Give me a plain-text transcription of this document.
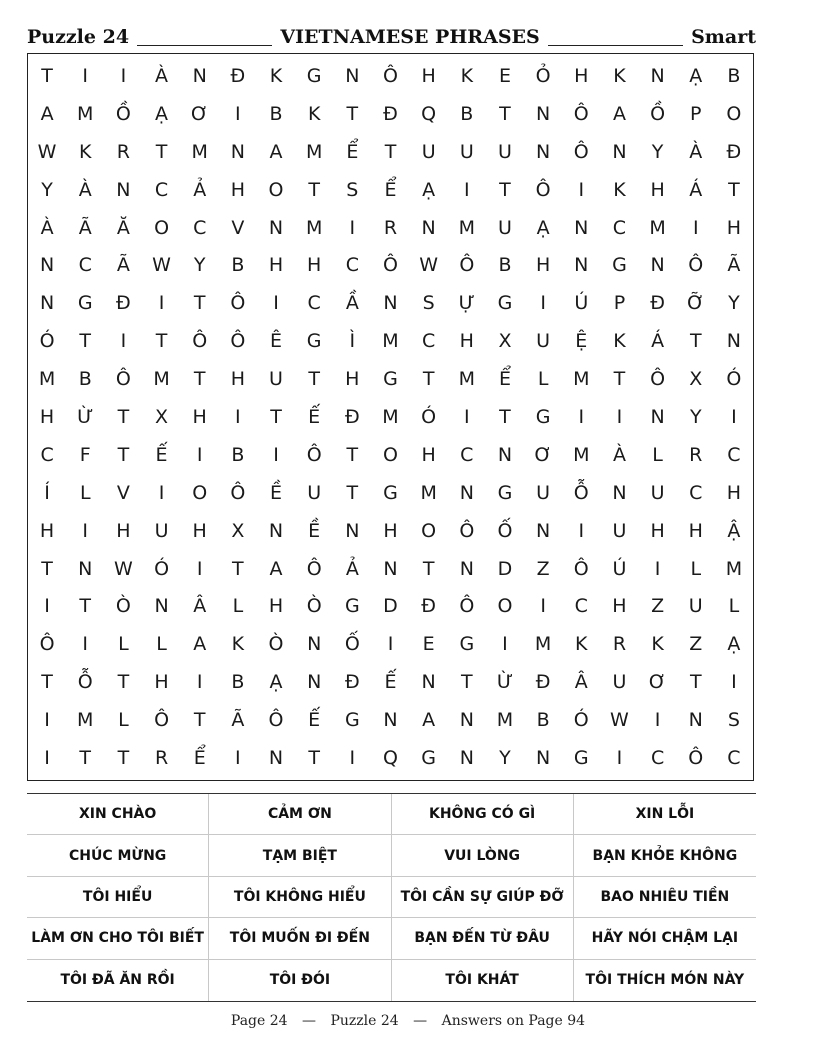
Puzzle 24	VIETNAMESE PHRASES	Smart
T	I	I	À	N	Đ	K	G	N	Ô	H	K	E	Ỏ	H	K	N	Ạ	B
A	M	Ồ	Ạ	Ơ	I	B	K	T	Đ	Q	B	T	N	Ô	A	Ồ	P	O
W	K	R	T	M	N	A	M	Ể	T	U	U	U	N	Ô	N	Y	À	Đ
Y	À	N	C	Ả	H	O	T	S	Ể	Ạ	I	T	Ô	I	K	H	Á	T
À	Ã	Ă	O	C	V	N	M	I	R	N	M	U	Ạ	N	C	M	I	H
N	C	Ã	W	Y	B	H	H	C	Ô	W	Ô	B	H	N	G	N	Ô	Ã
N	G	Đ	I	T	Ô	I	C	Ầ	N	S	Ự	G	I	Ú	P	Đ	Ỡ	Y
Ó	T	I	T	Ô	Ô	Ê	G	Ì	M	C	H	X	U	Ệ	K	Á	T	N
M	B	Ô	M	T	H	U	T	H	G	T	M	Ể	L	M	T	Ô	X	Ó
H	Ừ	T	X	H	I	T	Ế	Đ	M	Ó	I	T	G	I	I	N	Y	I
C	F	T	Ế	I	B	I	Ô	T	O	H	C	N	Ơ	M	À	L	R	C
Í	L	V	I	O	Ô	Ề	U	T	G	M	N	G	U	Ỗ	N	U	C	H
H	I	H	U	H	X	N	Ề	N	H	O	Ô	Ố	N	I	U	H	H	Ậ
T	N	W	Ó	I	T	A	Ô	Ả	N	T	N	D	Z	Ô	Ú	I	L	M
I	T	Ò	N	Â	L	H	Ò	G	D	Đ	Ô	O	I	C	H	Z	U	L
Ô	I	L	L	A	K	Ò	N	Ố	I	E	G	I	M	K	R	K	Z	Ạ
T	Ỗ	T	H	I	B	Ạ	N	Đ	Ế	N	T	Ừ	Đ	Â	U	Ơ	T	I
I	M	L	Ô	T	Ã	Ô	Ế	G	N	A	N	M	B	Ó	W	I	N	S
I	T	T	R	Ể	I	N	T	I	Q	G	N	Y	N	G	I	C	Ô	C
XIN CHÀO	CẢM ƠN	KHÔNG CÓ GÌ	XIN LỖI
CHÚC MỪNG	TẠM BIỆT	VUI LÒNG	BẠN KHỎE KHÔNG
TÔI HIỂU	TÔI KHÔNG HIỂU	TÔI CẦN SỰ GIÚP ĐỠ	BAO NHIÊU TIỀN
LÀM ƠN CHO TÔI BIẾT	TÔI MUỐN ĐI ĐẾN	BẠN ĐẾN TỪ ĐÂU	HÃY NÓI CHẬM LẠI
TÔI ĐÃ ĂN RỒI	TÔI ĐÓI	TÔI KHÁT	TÔI THÍCH MÓN NÀY
Page 24 — Puzzle 24 — Answers on Page 94
